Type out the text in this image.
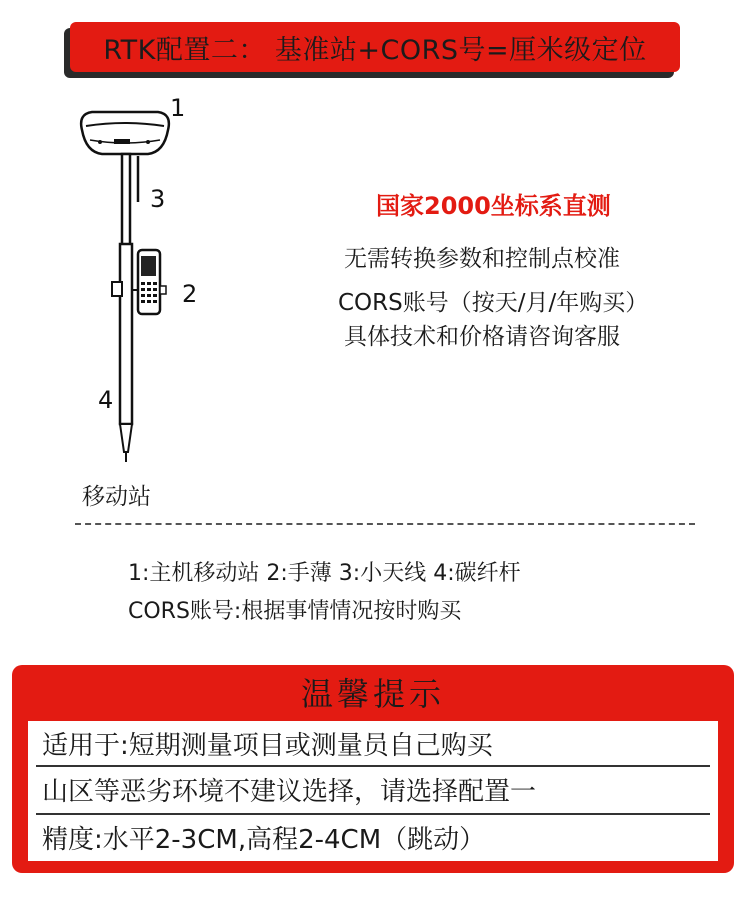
RTK配置二： 基准站+CORS号=厘米级定位
1
2
3
4
移动站
国家2000坐标系直测
无需转换参数和控制点校准
CORS账号（按天/月/年购买）
具体技术和价格请咨询客服
1:主机移动站 2:手薄 3:小天线 4:碳纤杆
CORS账号:根据事情情况按时购买
温馨提示
适用于:短期测量项目或测量员自己购买
山区等恶劣环境不建议选择，请选择配置一
精度:水平2-3CM,高程2-4CM（跳动）
